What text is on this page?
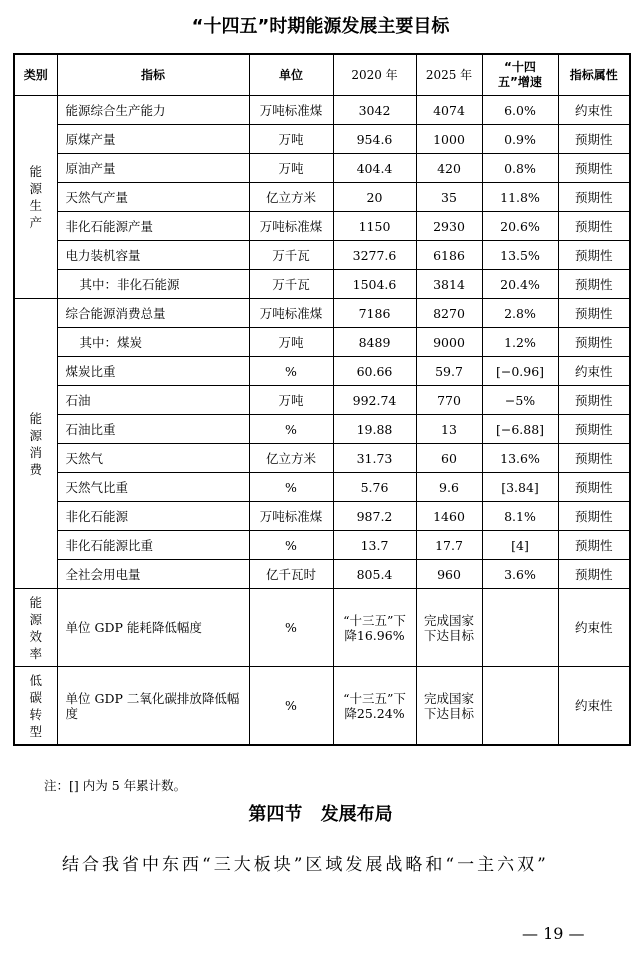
“十四五”时期能源发展主要目标
类别	指标	单位	2020 年	2025 年	“十四五”增速	指标属性
能源生产	能源综合生产能力	万吨标准煤	3042	4074	6.0%	约束性
	原煤产量	万吨	954.6	1000	0.9%	预期性
	原油产量	万吨	404.4	420	0.8%	预期性
	天然气产量	亿立方米	20	35	11.8%	预期性
	非化石能源产量	万吨标准煤	1150	2930	20.6%	预期性
	电力装机容量	万千瓦	3277.6	6186	13.5%	预期性
	其中：非化石能源	万千瓦	1504.6	3814	20.4%	预期性
能源消费	综合能源消费总量	万吨标准煤	7186	8270	2.8%	预期性
	其中：煤炭	万吨	8489	9000	1.2%	预期性
	煤炭比重	%	60.66	59.7	[−0.96]	约束性
	石油	万吨	992.74	770	−5%	预期性
	石油比重	%	19.88	13	[−6.88]	预期性
	天然气	亿立方米	31.73	60	13.6%	预期性
	天然气比重	%	5.76	9.6	[3.84]	预期性
	非化石能源	万吨标准煤	987.2	1460	8.1%	预期性
	非化石能源比重	%	13.7	17.7	[4]	预期性
	全社会用电量	亿千瓦时	805.4	960	3.6%	预期性
能源效率	单位 GDP 能耗降低幅度	%	“十三五”下降16.96%	完成国家下达目标		约束性
低碳转型	单位 GDP 二氧化碳排放降低幅度	%	“十三五”下降25.24%	完成国家下达目标		约束性
注：[] 内为 5 年累计数。
第四节 发展布局
结合我省中东西“三大板块”区域发展战略和“一主六双”
— 19 —
